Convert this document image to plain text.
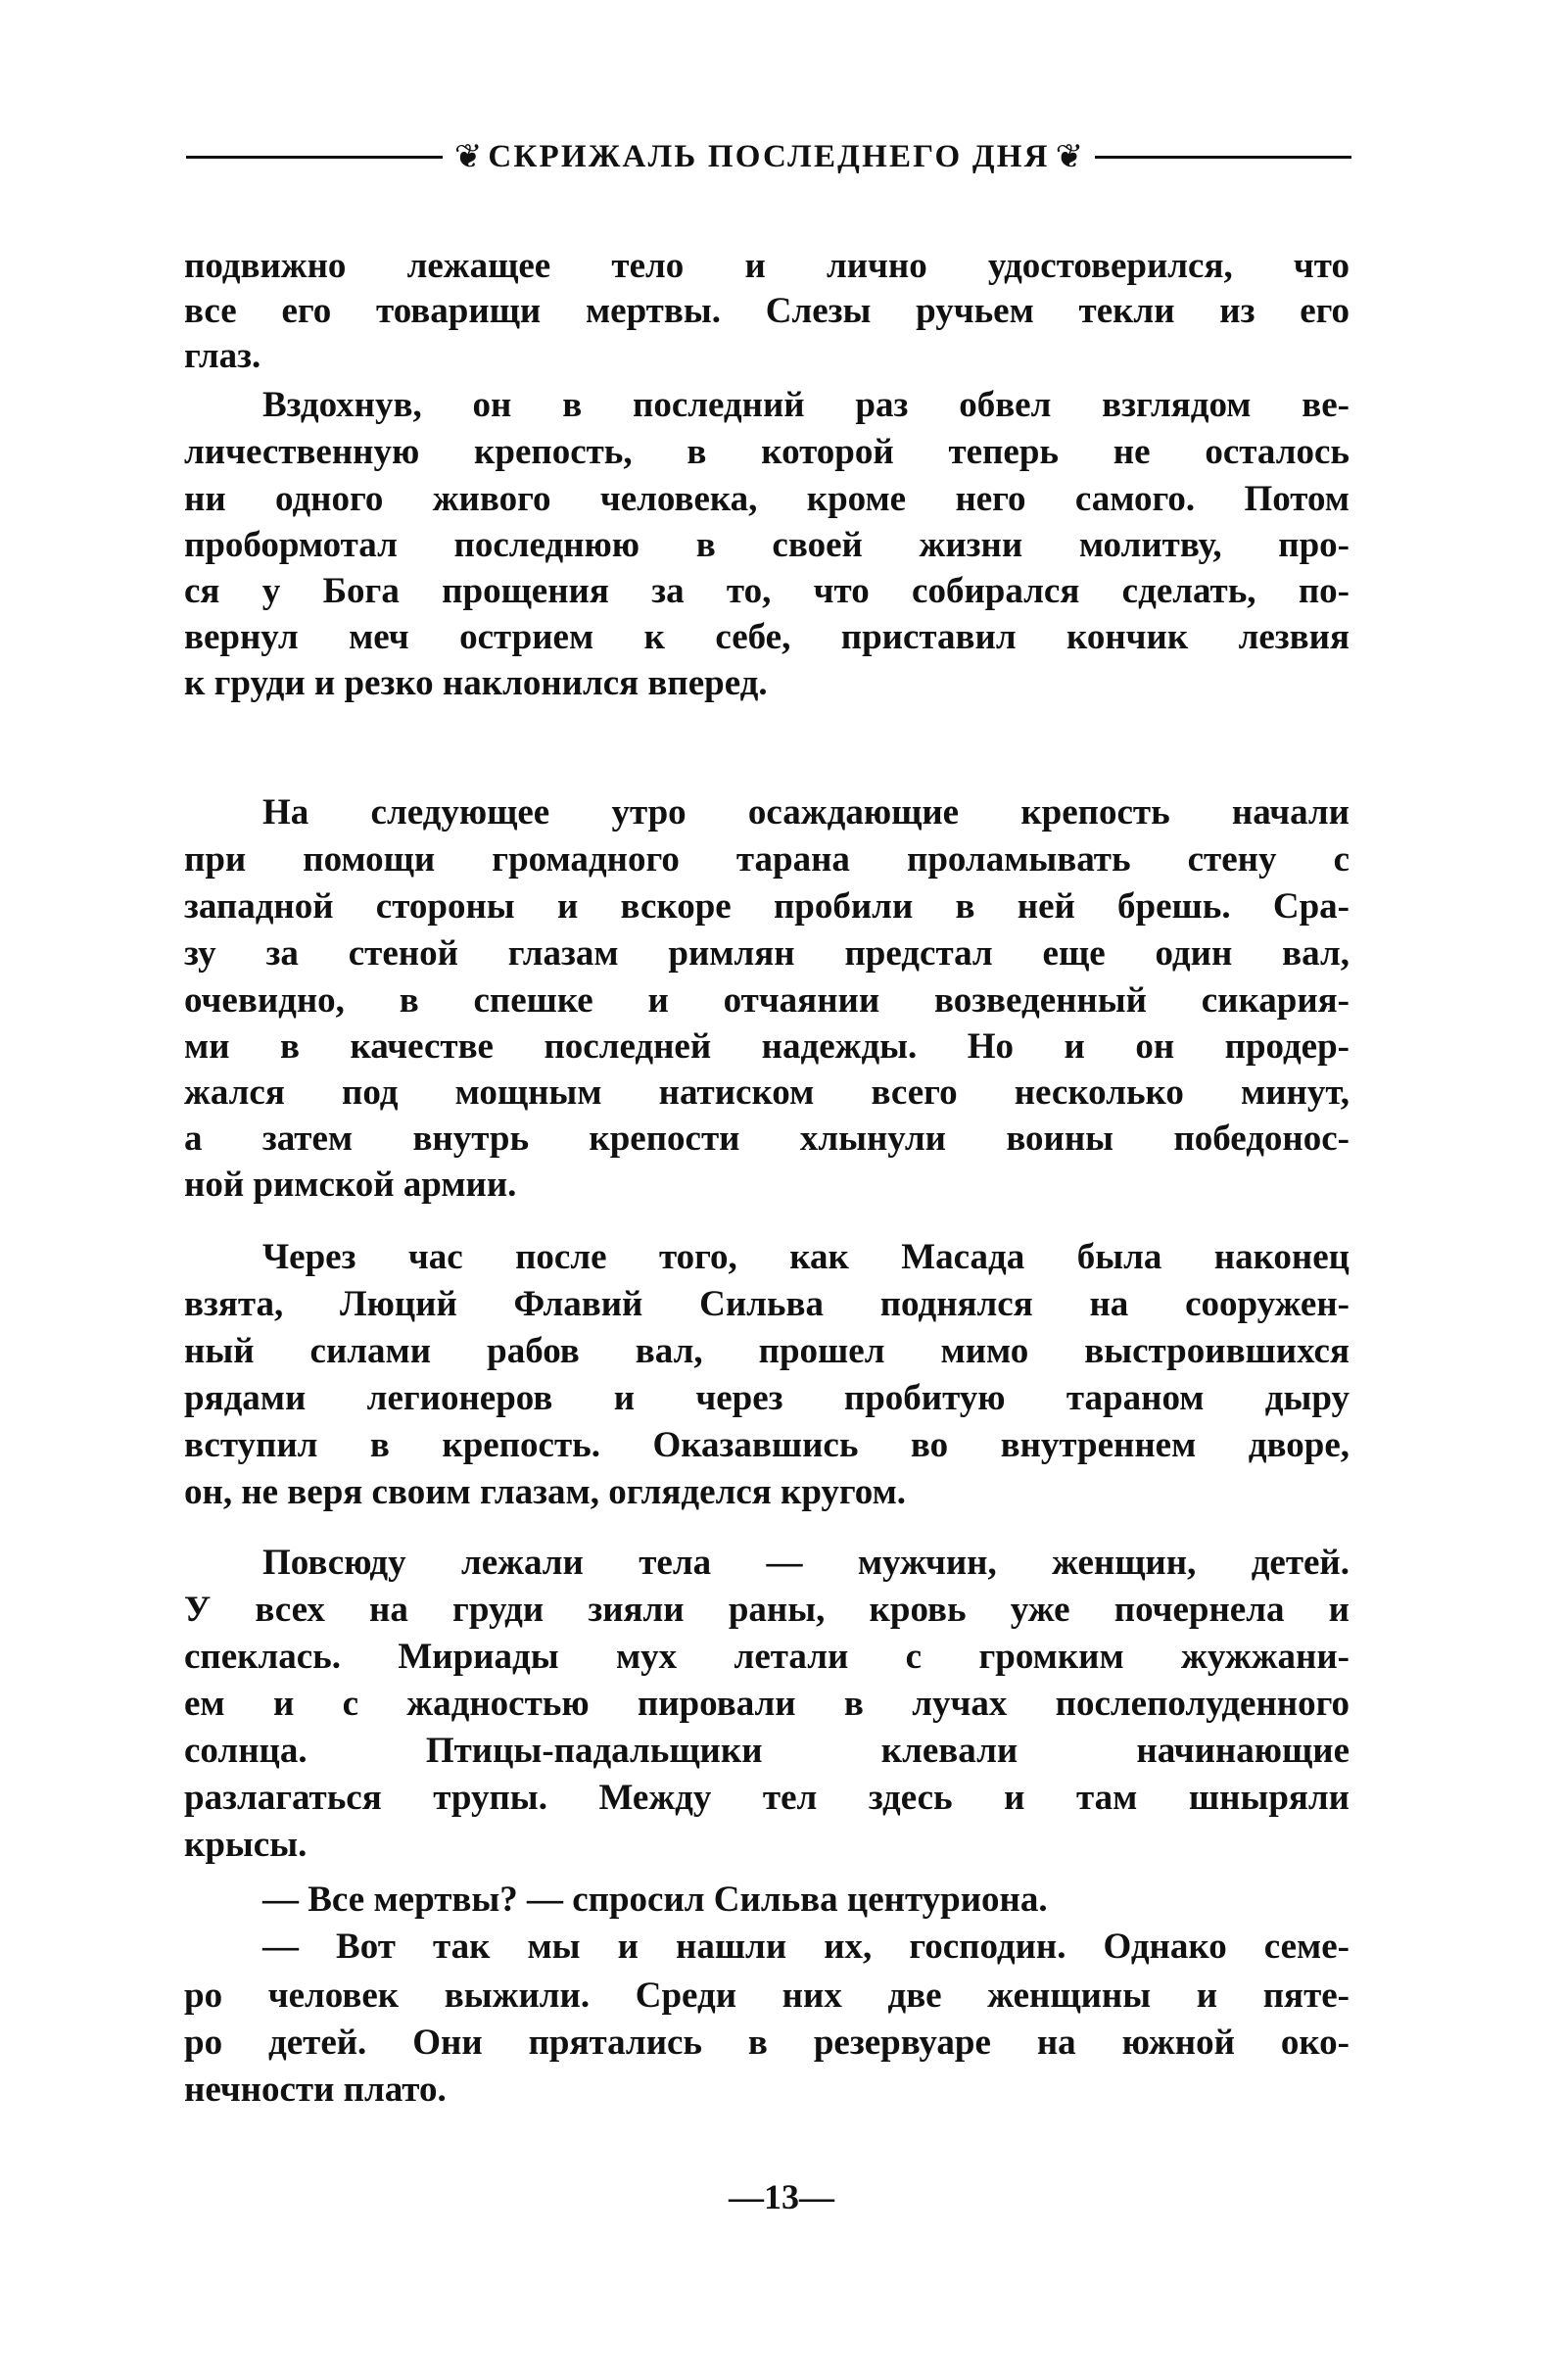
❦ СКРИЖАЛЬ ПОСЛЕДНЕГО ДНЯ ❦
подвижно лежащее тело и лично удостоверился, что
все его товарищи мертвы. Слезы ручьем текли из его
глаз.
Вздохнув, он в последний раз обвел взглядом ве-
личественную крепость, в которой теперь не осталось
ни одного живого человека, кроме него самого. Потом
пробормотал последнюю в своей жизни молитву, про-
ся у Бога прощения за то, что собирался сделать, по-
вернул меч острием к себе, приставил кончик лезвия
к груди и резко наклонился вперед.
На следующее утро осаждающие крепость начали
при помощи громадного тарана проламывать стену с
западной стороны и вскоре пробили в ней брешь. Сра-
зу за стеной глазам римлян предстал еще один вал,
очевидно, в спешке и отчаянии возведенный сикария-
ми в качестве последней надежды. Но и он продер-
жался под мощным натиском всего несколько минут,
а затем внутрь крепости хлынули воины победонос-
ной римской армии.
Через час после того, как Масада была наконец
взята, Люций Флавий Сильва поднялся на сооружен-
ный силами рабов вал, прошел мимо выстроившихся
рядами легионеров и через пробитую тараном дыру
вступил в крепость. Оказавшись во внутреннем дворе,
он, не веря своим глазам, огляделся кругом.
Повсюду лежали тела — мужчин, женщин, детей.
У всех на груди зияли раны, кровь уже почернела и
спеклась. Мириады мух летали с громким жужжани-
ем и с жадностью пировали в лучах послеполуденного
солнца. Птицы-падальщики клевали начинающие
разлагаться трупы. Между тел здесь и там шныряли
крысы.
— Все мертвы? — спросил Сильва центуриона.
— Вот так мы и нашли их, господин. Однако семе-
ро человек выжили. Среди них две женщины и пяте-
ро детей. Они прятались в резервуаре на южной око-
нечности плато.
—13—
